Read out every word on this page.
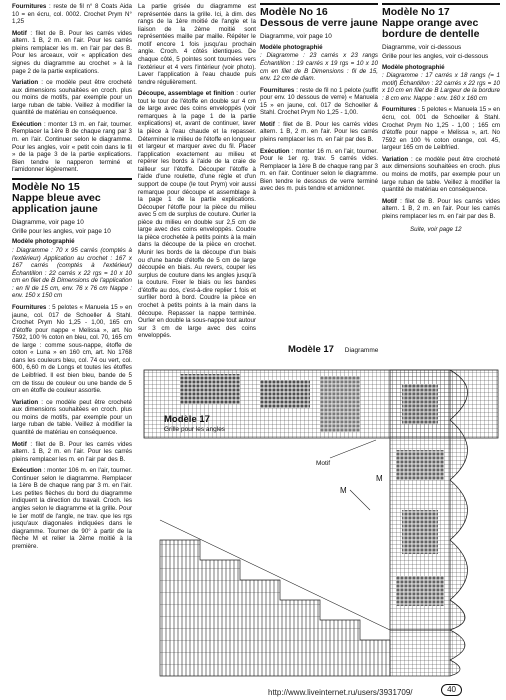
Fournitures : reste de fil n° 8 Coats Aida 10 = en écru, col. 0002. Crochet Prym N° 1,25

Motif : filet de B. Pour les carrés vides altern. 1 B, 2 m. en l'air. Pour les carrés pleins remplacer les m. en l'air par des B. Pour les arceaux, voir « application des signes du diagramme au crochet » à la page 2 de la partie explications.

Variation : ce modèle peut être crocheté aux dimensions souhaitées en croch. plus ou moins de motifs, par exemple pour un large ruban de table. Veillez à modifier la quantité de matériau en conséquence.

Exécution : monter 13 m. en l'air, tourner. Remplacer la 1ère B de chaque rang par 3 m. en l'air. Continuer selon le diagramme. Pour les angles, voir « petit coin dans le fil » de la page 3 de la partie explications. Bien tendre le napperon terminé et l'amidonner légèrement.

Modèle No 15
Nappe bleue avec application jaune
Diagramme, voir page 10
Grille pour les angles, voir page 10
Modèle photographié

: Diagramme : 70 x 95 carrés (comptés à l'extérieur) Application au crochet : 167 x 167 carrés (comptés à l'extérieur) Échantillon : 22 carrés x 22 rgs = 10 x 10 cm en filet de B Dimensions de l'application : en fil de 15 cm, env. 76 x 76 cm Nappe : env. 150 x 150 cm

Fournitures : 5 pelotes « Manuela 15 » en jaune, col. 017 de Schoeller & Stahl. Crochet Prym No 1,25 - 1,00, 165 cm d'étoffe pour nappe « Melissa », art. No 7592, 100 % coton en bleu, col. 70, 165 cm de large : comme sous-nappe, étoffe de coton « Luna » en 160 cm, art. No 1768 dans les couleurs bleu, col. 74 ou vert, col. 600, 6,60 m de Longs et toutes les étoffes de Leibfried. Il est bien bleu, bande de 5 cm de tissu de couleur ou une bande de 5 cm en étoffe de couleur assortie.

Variation : ce modèle peut être crocheté aux dimensions souhaitées en croch. plus ou moins de motifs, par exemple pour un large ruban de table. Veillez à modifier la quantité de matériau en conséquence.

Motif : filet de B. Pour les carrés vides altern. 1 B, 2 m. en l'air. Pour les carrés pleins remplacer les m. en l'air par des B.

Exécution : monter 106 m. en l'air, tourner. Continuer selon le diagramme. Remplacer la 1ère B de chaque rang par 3 m. en l'air. Les petites flèches du bord du diagramme indiquent la direction du travail. Croch. les angles selon le diagramme et la grille. Pour le 1er motif de l'angle, ne trav. que les rgs jusqu'aux diagonales indiquées dans le diagramme. Tourner de 90° à partir de la flèche M et relier la 2ème moitié à la première.

La partie grisée du diagramme est représentée dans la grille. Ici, à dim. des rangs de la 1ère moitié de l'angle et la liaison de la 2ème moitié sont représentées maille par maille. Répéter le motif encore 1 fois jusqu'au prochain angle. Croch. 4 côtés identiques. De chaque côté, 5 pointes sont tournées vers l'extérieur et 4 vers l'intérieur (voir photo). Laver l'application à l'eau chaude puis tendre régulièrement.

Découpe, assemblage et finition : ourler tout le tour de l'étoffe en double sur 4 cm de large avec des coins enveloppés (voir remarques à la page 1 de la partie explications) et, avant de continuer, laver la pièce à l'eau chaude et la repasser. Déterminer le milieu de l'étoffe en longueur et largeur et marquer avec du fil. Placer l'application exactement au milieu et repérer les bords à l'aide de la craie de tailleur sur l'étoffe. Découper l'étoffe à l'aide d'une roulette, d'une règle et d'un support de coupe (le tout Prym) voir aussi remarque pour découpe et assemblage à la page 1 de la partie explications. Découper l'étoffe pour la pièce du milieu avec 5 cm de surplus de couture. Ourler la pièce du milieu en double sur 2,5 cm de large avec des coins enveloppés. Coudre la pièce crochetée à petits points à la main dans la découpe de la pièce en crochet. Munir les bords de la découpe d'un biais ou d'une bande d'étoffe de 5 cm de large découpée en biais. Au revers, couper les surplus de couture dans les angles jusqu'à la couture. Fixer le biais ou les bandes d'étoffe au dos, c'est-à-dire replier 1 fois et surfiler bord à bord. Coudre la pièce en crochet à petits points à la main dans la découpe. Repasser la nappe terminée. Ourler en double la sous-nappe tout autour sur 3 cm de large avec des coins enveloppés.

Modèle No 16
Dessous de verre jaune
Diagramme, voir page 10
Modèle photographié

: Diagramme : 23 carrés x 23 rangs Échantillon : 19 carrés x 19 rgs = 10 x 10 cm en filet de B Dimensions : fil de 15, env. 12 cm de diam.

Fournitures : reste de fil no 1 pelote (suffit pour env. 10 dessous de verre) « Manuela 15 » en jaune, col. 017 de Schoeller & Stahl. Crochet Prym No 1,25 - 1,00.

Motif : filet de B. Pour les carrés vides altern. 1 B, 2 m. en l'air. Pour les carrés pleins remplacer les m. en l'air par des B.

Exécution : monter 16 m. en l'air, tourner. Pour le 1er rg. trav. 5 carrés vides. Remplacer la 1ère B de chaque rang par 3 m. en l'air. Continuer selon le diagramme. Bien tendre le dessous de verre terminé avec des m. puis tendre et amidonner.

Modèle No 17
Nappe orange avec bordure de dentelle
Diagramme, voir ci-dessous
Grille pour les angles, voir ci-dessous
Modèle photographié

: Diagramme : 17 carrés x 18 rangs (= 1 motif) Échantillon : 22 carrés x 22 rgs = 10 x 10 cm en filet de B Largeur de la bordure : 8 cm env. Nappe : env. 160 x 160 cm

Fournitures : 5 pelotes « Manuela 15 » en écru, col. 001 de Schoeller & Stahl. Crochet Prym No 1,25 - 1,00 ; 165 cm d'étoffe pour nappe « Melissa », art. No 7592 en 100 % coton orange, col. 45, largeur 165 cm de Leibfried.

Variation : ce modèle peut être crocheté aux dimensions souhaitées en croch. plus ou moins de motifs, par exemple pour un large ruban de table. Veillez à modifier la quantité de matériau en conséquence.

Motif : filet de B. Pour les carrés vides altern. 1 B, 2 m. en l'air. Pour les carrés pleins remplacer les m. en l'air par des B.

Suite, voir page 12
Modèle 17 Diagramme
Modèle 17
Grille pour les angles
Motif
M
M
40
http://www.liveinternet.ru/users/3931709/
